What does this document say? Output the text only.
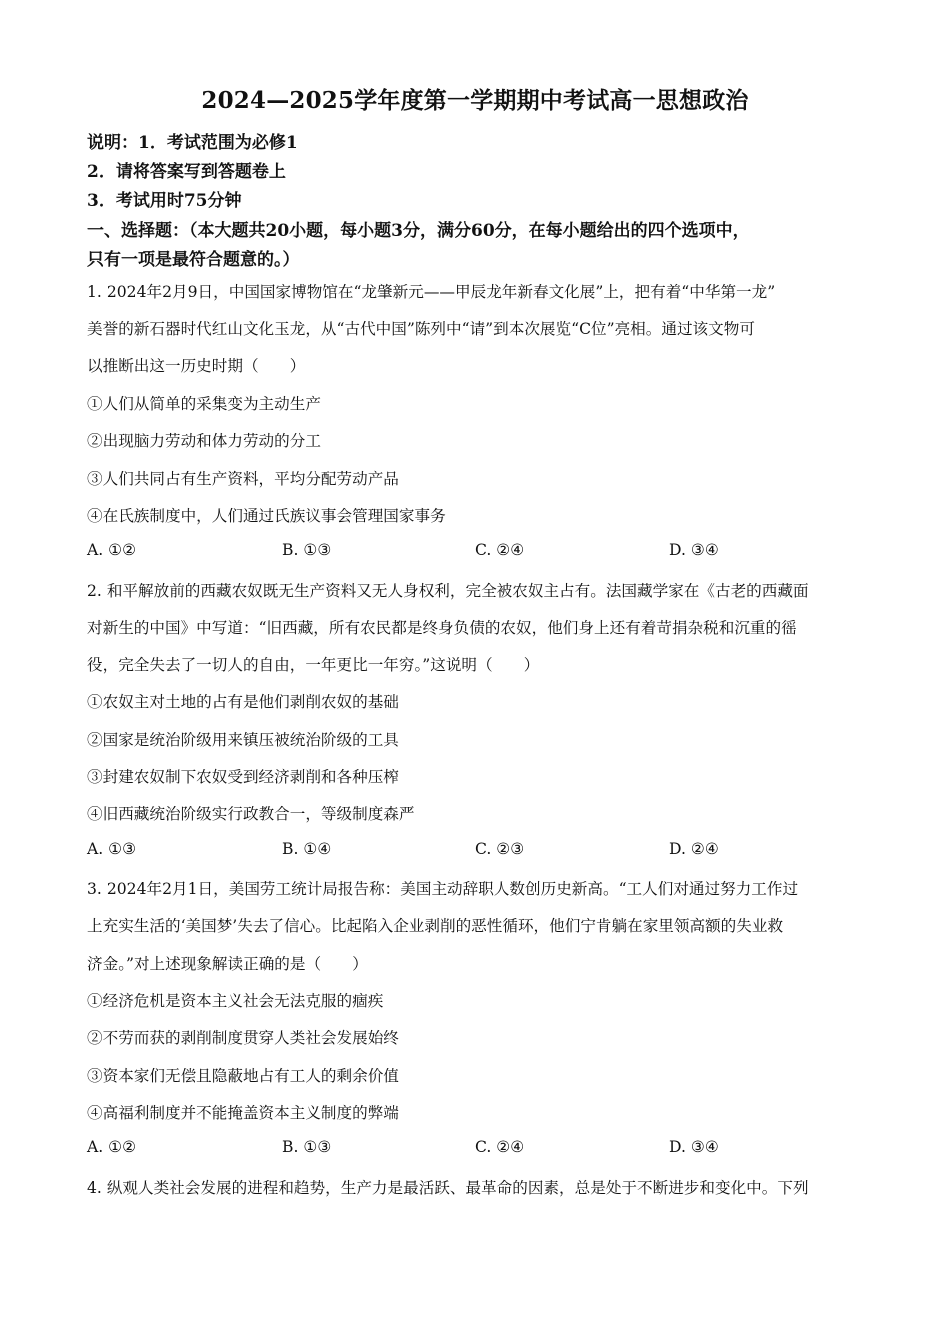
2024—2025学年度第一学期期中考试高一思想政治
说明：1．考试范围为必修1
2．请将答案写到答题卷上
3．考试用时75分钟
一、选择题：（本大题共20小题，每小题3分，满分60分，在每小题给出的四个选项中，
只有一项是最符合题意的。）
1. 2024年2月9日，中国国家博物馆在“龙肇新元——甲辰龙年新春文化展”上，把有着“中华第一龙”
美誉的新石器时代红山文化玉龙，从“古代中国”陈列中“请”到本次展览“C位”亮相。通过该文物可
以推断出这一历史时期（　　）
①人们从简单的采集变为主动生产
②出现脑力劳动和体力劳动的分工
③人们共同占有生产资料，平均分配劳动产品
④在氏族制度中，人们通过氏族议事会管理国家事务
A. ①②	B. ①③	C. ②④	D. ③④
2. 和平解放前的西藏农奴既无生产资料又无人身权利，完全被农奴主占有。法国藏学家在《古老的西藏面
对新生的中国》中写道：“旧西藏，所有农民都是终身负债的农奴，他们身上还有着苛捐杂税和沉重的徭
役，完全失去了一切人的自由，一年更比一年穷。”这说明（　　）
①农奴主对土地的占有是他们剥削农奴的基础
②国家是统治阶级用来镇压被统治阶级的工具
③封建农奴制下农奴受到经济剥削和各种压榨
④旧西藏统治阶级实行政教合一，等级制度森严
A. ①③	B. ①④	C. ②③	D. ②④
3. 2024年2月1日，美国劳工统计局报告称：美国主动辞职人数创历史新高。“工人们对通过努力工作过
上充实生活的‘美国梦’失去了信心。比起陷入企业剥削的恶性循环，他们宁肯躺在家里领高额的失业救
济金。”对上述现象解读正确的是（　　）
①经济危机是资本主义社会无法克服的痼疾
②不劳而获的剥削制度贯穿人类社会发展始终
③资本家们无偿且隐蔽地占有工人的剩余价值
④高福利制度并不能掩盖资本主义制度的弊端
A. ①②	B. ①③	C. ②④	D. ③④
4. 纵观人类社会发展的进程和趋势，生产力是最活跃、最革命的因素，总是处于不断进步和变化中。下列
